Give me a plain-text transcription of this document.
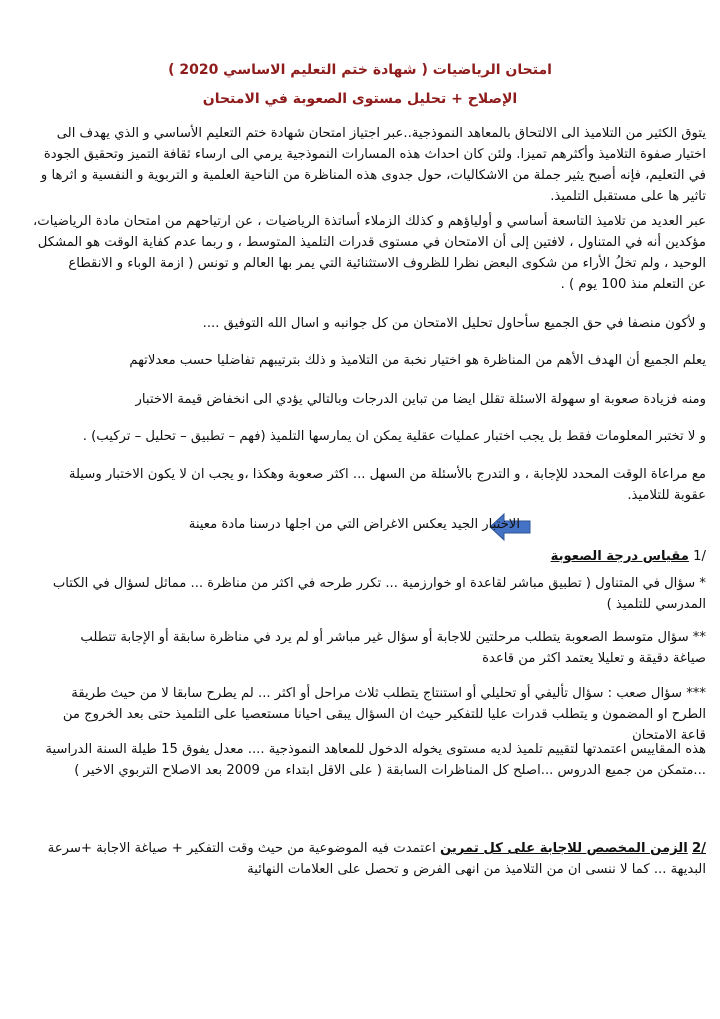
امتحان الرياضيات ( شهادة ختم التعليم الاساسي 2020 )
الإصلاح + تحليل مستوى الصعوبة في الامتحان
يتوق الكثير من التلاميذ الى الالتحاق بالمعاهد النموذجية..عبر اجتياز امتحان شهادة ختم التعليم الأساسي و الذي يهدف الى
اختيار صفوة التلاميذ وأكثرهم تميزا. ولئن كان احداث هذه المسارات النموذجية يرمي الى ارساء ثقافة التميز وتحقيق الجودة
في التعليم، فإنه أصبح يثير جملة من الاشكاليات، حول جدوى هذه المناظرة من الناحية العلمية و التربوية و النفسية و اثرها و
تاثير ها على مستقبل التلميذ.
عبر العديد من تلاميذ التاسعة أساسي و أولياؤهم و كذلك الزملاء أساتذة الرياضيات ، عن ارتياحهم من امتحان مادة الرياضيات،
مؤكدين أنه في المتناول ، لافتين إلى أن الامتحان في مستوى قدرات التلميذ المتوسط ، و ربما عدم كفاية الوقت هو المشكل
الوحيد ، ولم تخلُ الأراء من شكوى البعض نظرا للظروف الاستثنائية التي يمر بها العالم و تونس ( ازمة الوباء و الانقطاع
عن التعلم منذ 100 يوم ) .
و لأكون منصفا في حق الجميع سأحاول تحليل الامتحان من كل جوانبه و اسال الله التوفيق ....
يعلم الجميع أن الهدف الأهم من المناظرة هو اختيار نخبة من التلاميذ و ذلك بترتيبهم تفاضليا حسب معدلاتهم
ومنه فزيادة صعوبة او سهولة الاسئلة تقلل ايضا من تباين الدرجات وبالتالي يؤدي الى انخفاض قيمة الاختبار
و لا تختبر المعلومات فقط بل يجب اختبار عمليات عقلية يمكن ان يمارسها التلميذ (فهم – تطبيق – تحليل – تركيب) .
مع مراعاة الوقت المحدد للإجابة ، و التدرج بالأسئلة من السهل ... اكثر صعوبة وهكذا ،و يجب ان لا يكون الاختبار وسيلة
عقوبة للتلاميذ.
الاختبار الجيد يعكس الاغراض التي من اجلها درسنا مادة معينة
/1 مقياس درجة الصعوبة
* سؤال في المتناول ( تطبيق مباشر لقاعدة او خوارزمية ... تكرر طرحه في اكثر من مناظرة ... مماثل لسؤال في الكتاب
المدرسي للتلميذ )
** سؤال متوسط الصعوبة يتطلب مرحلتين للاجابة أو سؤال غير مباشر أو لم يرد في مناظرة سابقة أو الإجابة تتطلب
صياغة دقيقة و تعليلا يعتمد اكثر من قاعدة
*** سؤال صعب : سؤال تأليفي أو تحليلي أو استنتاج يتطلب ثلاث مراحل أو اكثر ... لم يطرح سابقا لا من حيث طريقة
الطرح او المضمون و يتطلب قدرات عليا للتفكير حيث ان السؤال يبقى احيانا مستعصيا على التلميذ حتى بعد الخروج من
قاعة الامتحان
هذه المقاييس اعتمدتها لتقييم تلميذ لديه مستوى يخوله الدخول للمعاهد النموذجية .... معدل يفوق 15 طيلة السنة الدراسية
...متمكن من جميع الدروس ...اصلح كل المناظرات السابقة ( على الاقل ابتداء من 2009 بعد الاصلاح التربوي الاخير )
/2 الزمن المخصص للاجابة على كل تمرين اعتمدت فيه الموضوعية من حيث وقت التفكير + صياغة الاجابة +سرعة
البديهة ... كما لا ننسى ان من التلاميذ من انهى الفرض و تحصل على العلامات النهائية
